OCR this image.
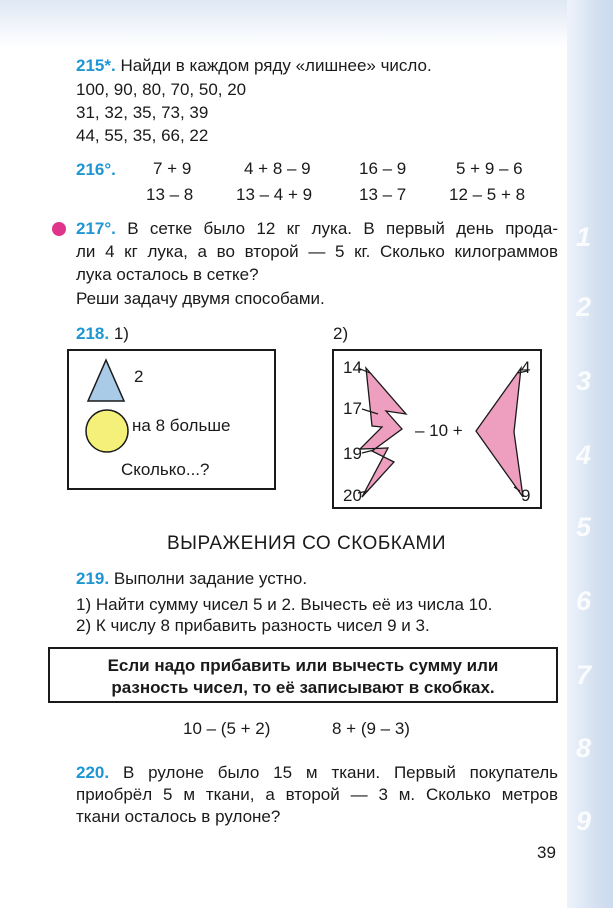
1
2
3
4
5
6
7
8
9
215*. Найди в каждом ряду «лишнее» число.
100, 90, 80, 70, 50, 20
31, 32, 35, 73, 39
44, 55, 35, 66, 22
216°. 7 + 9	4 + 8 – 9	16 – 9	5 + 9 – 6
13 – 8	13 – 4 + 9	13 – 7	12 – 5 + 8
217°. В сетке было 12 кг лука. В первый день прода-
ли 4 кг лука, а во второй — 5 кг. Сколько килограммов
лука осталось в сетке?
Реши задачу двумя способами.
218. 1)	2)
2
на 8 больше
Сколько...?
14
17
19
20
4
9
– 10 +
ВЫРАЖЕНИЯ СО СКОБКАМИ
219. Выполни задание устно.
1) Найти сумму чисел 5 и 2. Вычесть её из числа 10.
2) К числу 8 прибавить разность чисел 9 и 3.
Если надо прибавить или вычесть сумму или
разность чисел, то её записывают в скобках.
10 – (5 + 2)	8 + (9 – 3)
220. В рулоне было 15 м ткани. Первый покупатель
приобрёл 5 м ткани, а второй — 3 м. Сколько метров
ткани осталось в рулоне?
39
